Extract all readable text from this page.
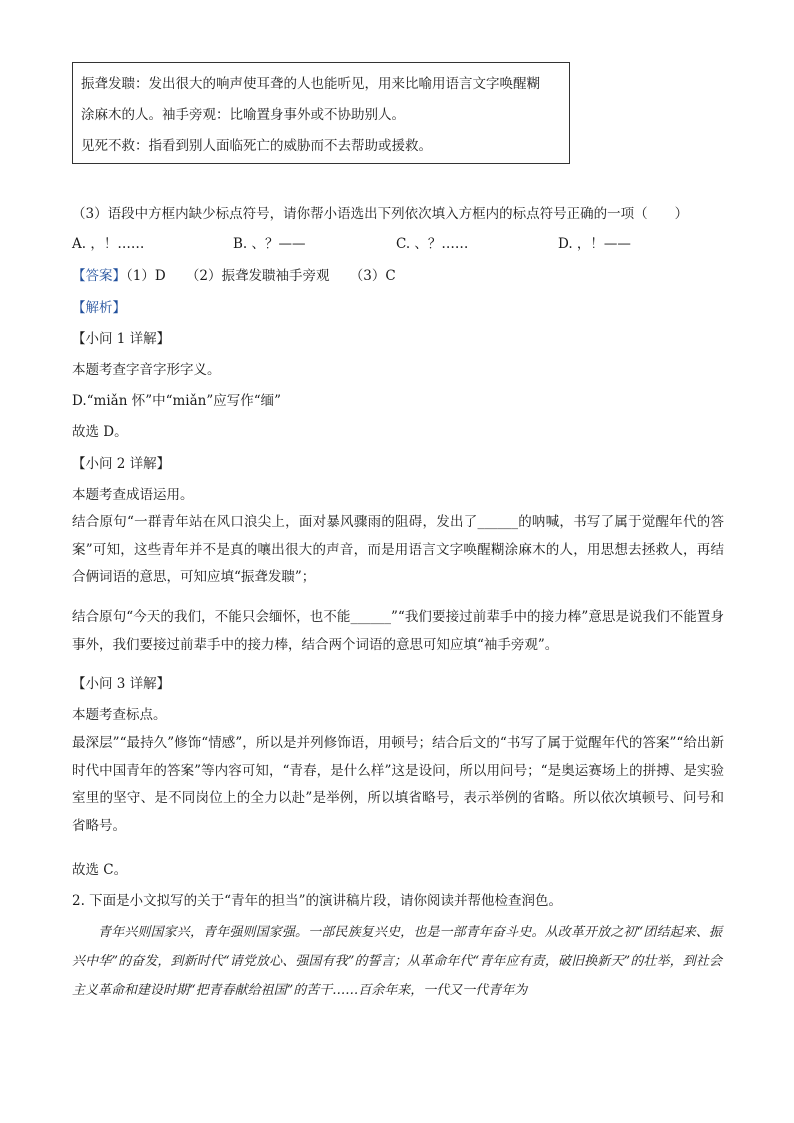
振聋发聩：发出很大的响声使耳聋的人也能听见，用来比喻用语言文字唤醒糊
涂麻木的人。袖手旁观：比喻置身事外或不协助别人。
见死不救：指看到别人面临死亡的威胁而不去帮助或援救。
（3）语段中方框内缺少标点符号，请你帮小语选出下列依次填入方框内的标点符号正确的一项（　　）
A. ，！……	B. 、？——	C. 、？……	D. ，！——
【答案】（1）D　　（2）振聋发聩袖手旁观　　（3）C
【解析】
【小问 1 详解】
本题考查字音字形字义。
D.“miǎn 怀”中“miǎn”应写作“缅”
故选 D。
【小问 2 详解】
本题考查成语运用。
结合原句“一群青年站在风口浪尖上，面对暴风骤雨的阻碍，发出了______的呐喊，书写了属于觉醒年代的答案”可知，这些青年并不是真的嚷出很大的声音，而是用语言文字唤醒糊涂麻木的人，用思想去拯救人，再结合俩词语的意思，可知应填“振聋发聩”；
结合原句“今天的我们，不能只会缅怀，也不能______”“我们要接过前辈手中的接力棒”意思是说我们不能置身事外，我们要接过前辈手中的接力棒，结合两个词语的意思可知应填“袖手旁观”。
【小问 3 详解】
本题考查标点。
最深层”“最持久”修饰“情感”，所以是并列修饰语，用顿号；结合后文的“书写了属于觉醒年代的答案”“给出新时代中国青年的答案”等内容可知，“青春，是什么样”这是设问，所以用问号；“是奥运赛场上的拼搏、是实验室里的坚守、是不同岗位上的全力以赴”是举例，所以填省略号，表示举例的省略。所以依次填顿号、问号和省略号。
故选 C。
2. 下面是小文拟写的关于“青年的担当”的演讲稿片段，请你阅读并帮他检查润色。
青年兴则国家兴，青年强则国家强。一部民族复兴史，也是一部青年奋斗史。从改革开放之初“团结起来、振兴中华”的奋发，到新时代“请党放心、强国有我”的誓言；从革命年代“青年应有责，破旧换新天”的壮举，到社会主义革命和建设时期“把青春献给祖国”的苦干……百余年来，一代又一代青年为
